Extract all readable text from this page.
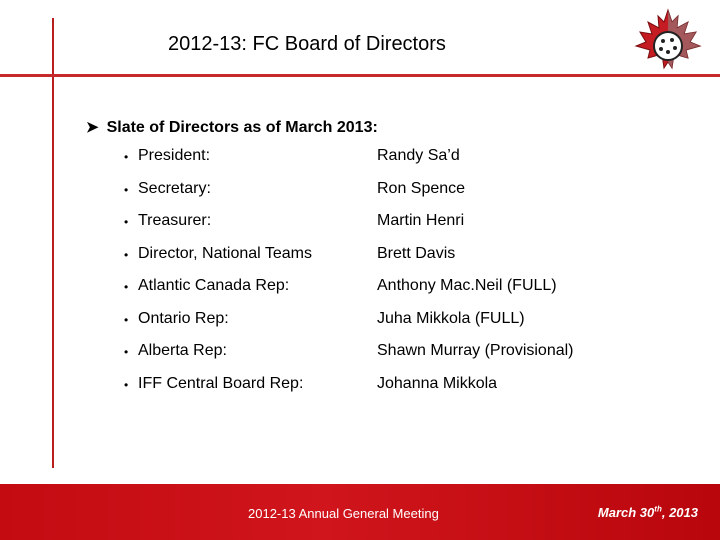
2012-13: FC Board of Directors
➤ Slate of Directors as of March 2013:
• President:	Randy Sa’d
• Secretary:	Ron Spence
• Treasurer:	Martin Henri
• Director, National Teams	Brett Davis
• Atlantic Canada Rep:	Anthony Mac.Neil (FULL)
• Ontario Rep:	Juha Mikkola (FULL)
• Alberta Rep:	Shawn Murray (Provisional)
• IFF Central Board Rep:	Johanna Mikkola
2012-13 Annual General Meeting	March 30th, 2013
